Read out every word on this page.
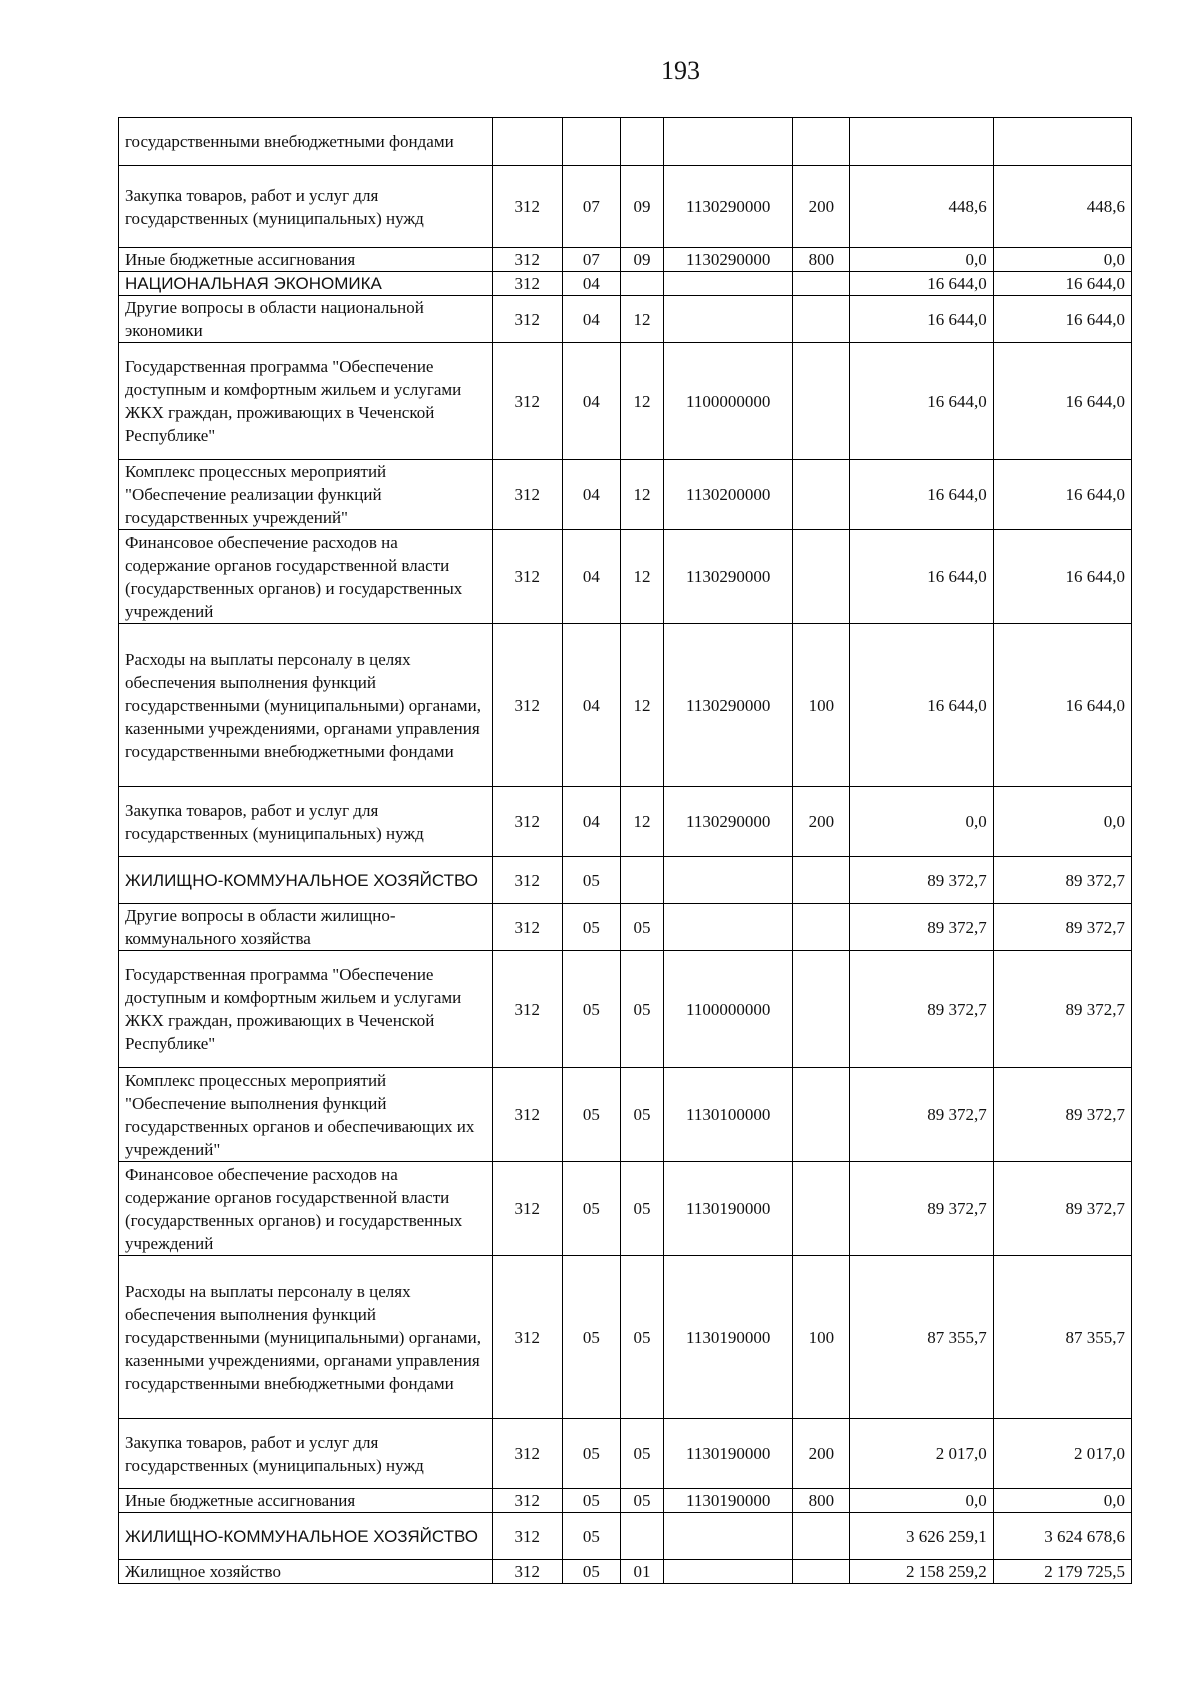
193
государственными внебюджетными фондами							
Закупка товаров, работ и услуг для государственных (муниципальных) нужд	312	07	09	1130290000	200	448,6	448,6
Иные бюджетные ассигнования	312	07	09	1130290000	800	0,0	0,0
НАЦИОНАЛЬНАЯ ЭКОНОМИКА	312	04				16 644,0	16 644,0
Другие вопросы в области национальной экономики	312	04	12			16 644,0	16 644,0
Государственная программа "Обеспечение доступным и комфортным жильем и услугами ЖКХ граждан, проживающих в Чеченской Республике"	312	04	12	1100000000		16 644,0	16 644,0
Комплекс процессных мероприятий "Обеспечение реализации функций государственных учреждений"	312	04	12	1130200000		16 644,0	16 644,0
Финансовое обеспечение расходов на содержание органов государственной власти (государственных органов) и государственных учреждений	312	04	12	1130290000		16 644,0	16 644,0
Расходы на выплаты персоналу в целях обеспечения выполнения функций государственными (муниципальными) органами, казенными учреждениями, органами управления государственными внебюджетными фондами	312	04	12	1130290000	100	16 644,0	16 644,0
Закупка товаров, работ и услуг для государственных (муниципальных) нужд	312	04	12	1130290000	200	0,0	0,0
ЖИЛИЩНО-КОММУНАЛЬНОЕ ХОЗЯЙСТВО	312	05				89 372,7	89 372,7
Другие вопросы в области жилищно-коммунального хозяйства	312	05	05			89 372,7	89 372,7
Государственная программа "Обеспечение доступным и комфортным жильем и услугами ЖКХ граждан, проживающих в Чеченской Республике"	312	05	05	1100000000		89 372,7	89 372,7
Комплекс процессных мероприятий "Обеспечение выполнения функций государственных органов и обеспечивающих их учреждений"	312	05	05	1130100000		89 372,7	89 372,7
Финансовое обеспечение расходов на содержание органов государственной власти (государственных органов) и государственных учреждений	312	05	05	1130190000		89 372,7	89 372,7
Расходы на выплаты персоналу в целях обеспечения выполнения функций государственными (муниципальными) органами, казенными учреждениями, органами управления государственными внебюджетными фондами	312	05	05	1130190000	100	87 355,7	87 355,7
Закупка товаров, работ и услуг для государственных (муниципальных) нужд	312	05	05	1130190000	200	2 017,0	2 017,0
Иные бюджетные ассигнования	312	05	05	1130190000	800	0,0	0,0
ЖИЛИЩНО-КОММУНАЛЬНОЕ ХОЗЯЙСТВО	312	05				3 626 259,1	3 624 678,6
Жилищное хозяйство	312	05	01			2 158 259,2	2 179 725,5
